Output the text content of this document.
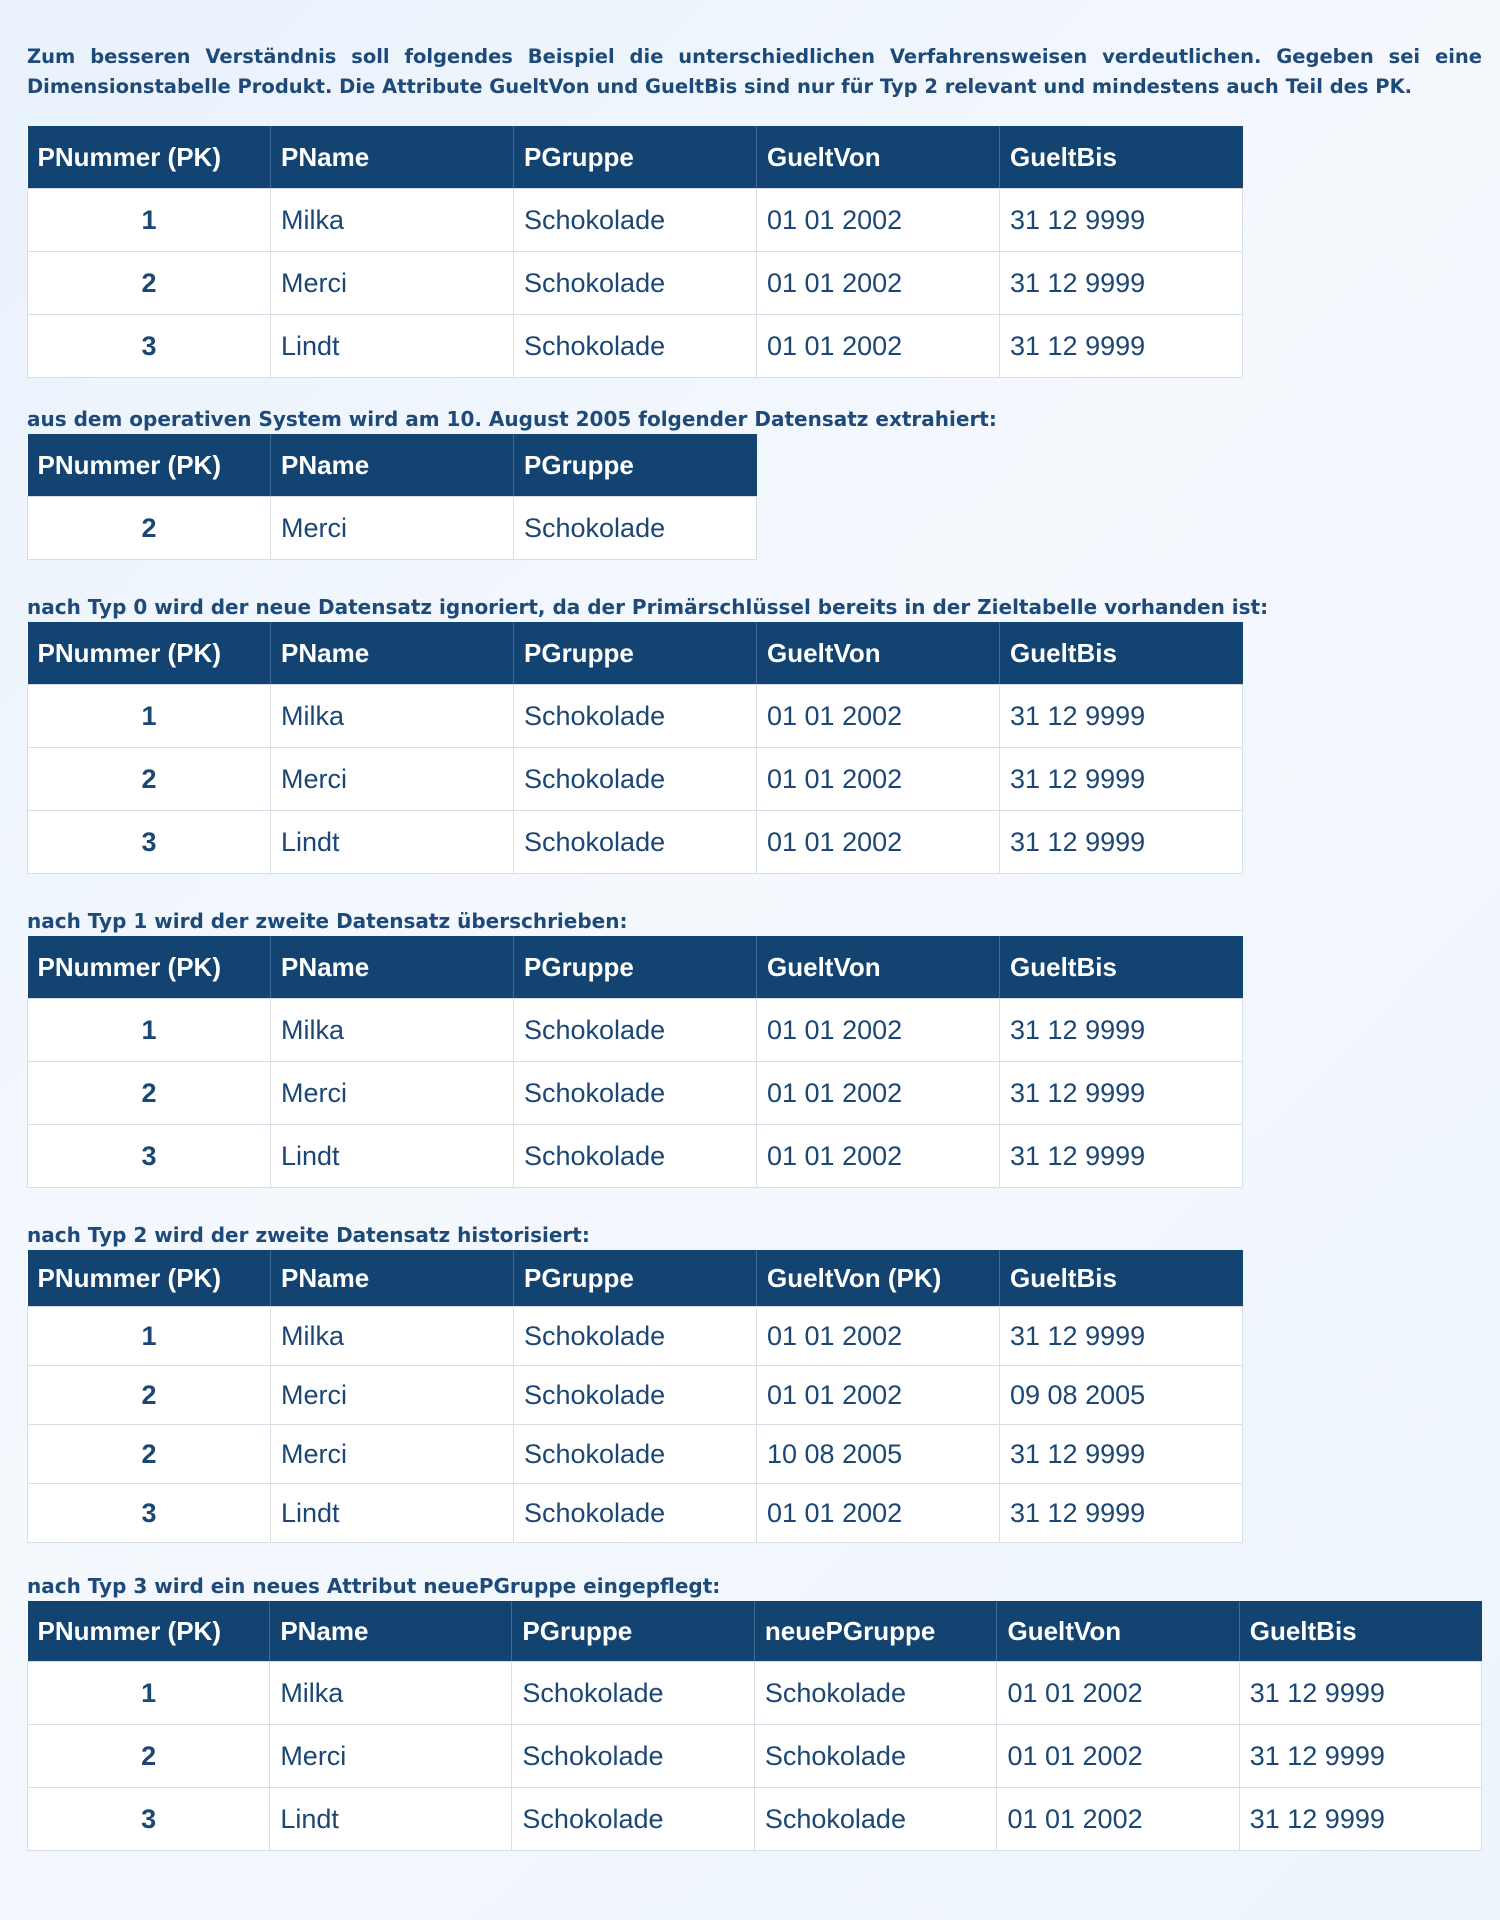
Zum besseren Verständnis soll folgendes Beispiel die unterschiedlichen Verfahrensweisen verdeutlichen. Gegeben sei eine Dimensionstabelle Produkt. Die Attribute GueltVon und GueltBis sind nur für Typ 2 relevant und mindestens auch Teil des PK.

PNummer (PK)	PName	PGruppe	GueltVon	GueltBis
1	Milka	Schokolade	01 01 2002	31 12 9999
2	Merci	Schokolade	01 01 2002	31 12 9999
3	Lindt	Schokolade	01 01 2002	31 12 9999

aus dem operativen System wird am 10. August 2005 folgender Datensatz extrahiert:

PNummer (PK)	PName	PGruppe
2	Merci	Schokolade

nach Typ 0 wird der neue Datensatz ignoriert, da der Primärschlüssel bereits in der Zieltabelle vorhanden ist:

PNummer (PK)	PName	PGruppe	GueltVon	GueltBis
1	Milka	Schokolade	01 01 2002	31 12 9999
2	Merci	Schokolade	01 01 2002	31 12 9999
3	Lindt	Schokolade	01 01 2002	31 12 9999

nach Typ 1 wird der zweite Datensatz überschrieben:

PNummer (PK)	PName	PGruppe	GueltVon	GueltBis
1	Milka	Schokolade	01 01 2002	31 12 9999
2	Merci	Schokolade	01 01 2002	31 12 9999
3	Lindt	Schokolade	01 01 2002	31 12 9999

nach Typ 2 wird der zweite Datensatz historisiert:

PNummer (PK)	PName	PGruppe	GueltVon (PK)	GueltBis
1	Milka	Schokolade	01 01 2002	31 12 9999
2	Merci	Schokolade	01 01 2002	09 08 2005
2	Merci	Schokolade	10 08 2005	31 12 9999
3	Lindt	Schokolade	01 01 2002	31 12 9999

nach Typ 3 wird ein neues Attribut neuePGruppe eingepflegt:

PNummer (PK)	PName	PGruppe	neuePGruppe	GueltVon	GueltBis
1	Milka	Schokolade	Schokolade	01 01 2002	31 12 9999
2	Merci	Schokolade	Schokolade	01 01 2002	31 12 9999
3	Lindt	Schokolade	Schokolade	01 01 2002	31 12 9999
